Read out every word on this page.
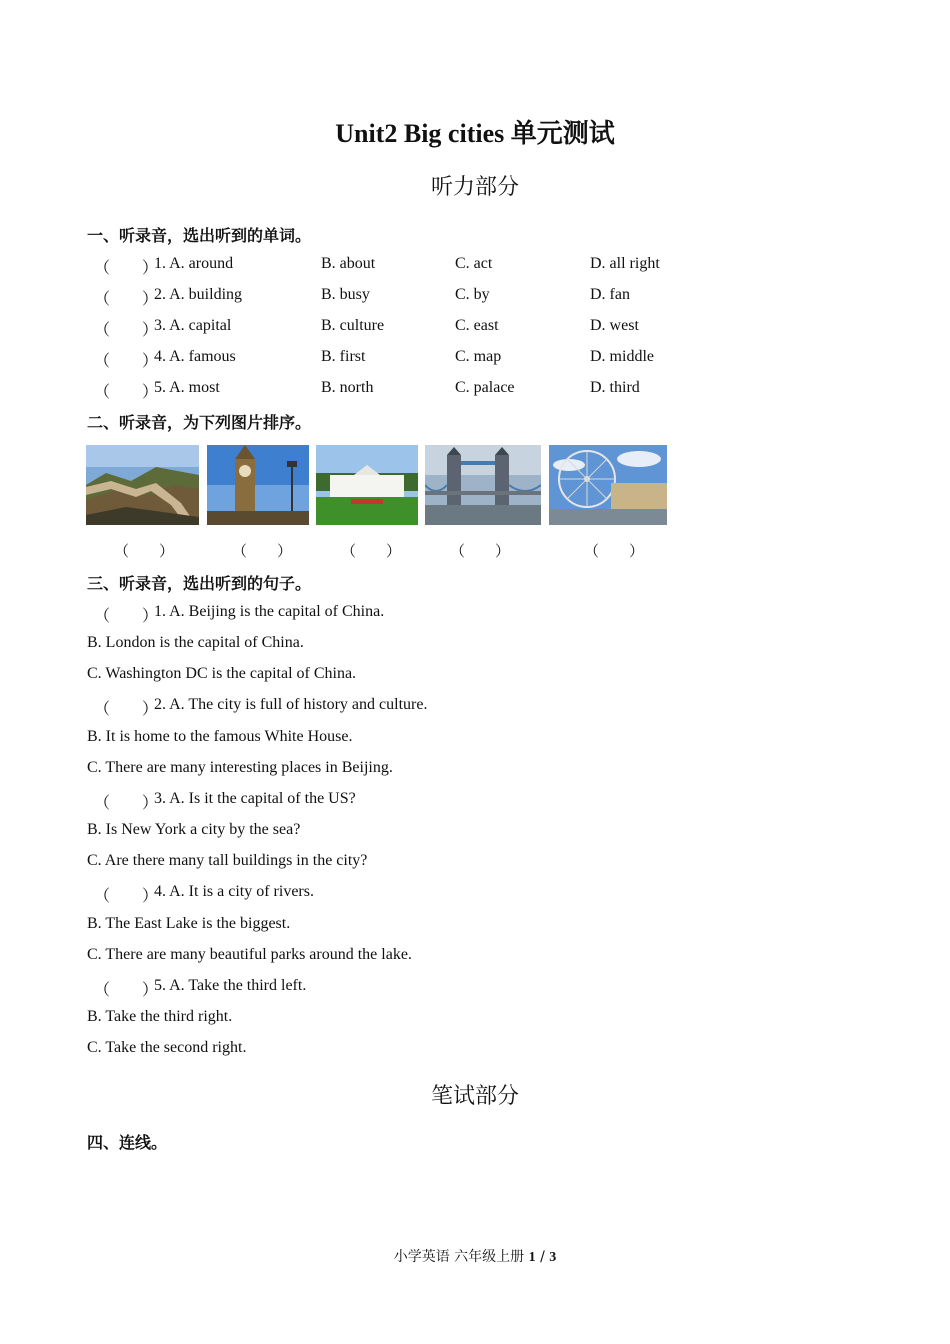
Unit2 Big cities 单元测试
听力部分
一、听录音，选出听到的单词。
（　　）
1. A. around	B. about	C. act	D. all right
（　　）
2. A. building	B. busy	C. by	D. fan
（　　）
3. A. capital	B. culture	C. east	D. west
（　　）
4. A. famous	B. first	C. map	D. middle
（　　）
5. A. most	B. north	C. palace	D. third
二、听录音，为下列图片排序。
（　　）	（　　）	（　　）	（　　）	（　　）
三、听录音，选出听到的句子。
（　　）
1. A. Beijing is the capital of China.
B. London is the capital of China.
C. Washington DC is the capital of China.
（　　）
2. A. The city is full of history and culture.
B. It is home to the famous White House.
C. There are many interesting places in Beijing.
（　　）
3. A. Is it the capital of the US?
B. Is New York a city by the sea?
C. Are there many tall buildings in the city?
（　　）
4. A. It is a city of rivers.
B. The East Lake is the biggest.
C. There are many beautiful parks around the lake.
（　　）
5. A. Take the third left.
B. Take the third right.
C. Take the second right.
笔试部分
四、连线。
小学英语 六年级上册 1 / 3
